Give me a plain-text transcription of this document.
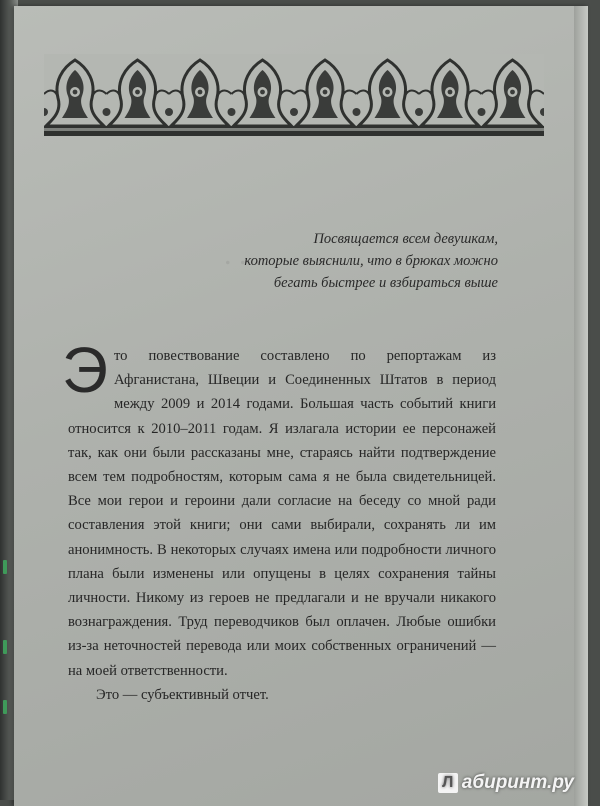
. . .	Посвящается всем девушкам,
которые выяснили, что в брюках можно
бегать быстрее и взбираться выше
Э то повествование составлено по репортажам из Афганистана, Швеции и Соединенных Штатов в период между 2009 и 2014 годами. Большая часть событий книги относится к 2010–2011 годам. Я излагала истории ее персонажей так, как они были рассказаны мне, стараясь найти подтверждение всем тем подробностям, которым сама я не была свидетельницей. Все мои герои и героини дали согласие на беседу со мной ради составления этой книги; они сами выбирали, сохранять ли им анонимность. В некоторых случаях имена или подробности личного плана были изменены или опущены в целях сохранения тайны личности. Никому из героев не предлагали и не вручали никакого вознаграждения. Труд переводчиков был оплачен. Любые ошибки из-за неточностей перевода или моих собственных ограничений — на моей ответственности.
Это — субъективный отчет.
Л абиринт.ру
